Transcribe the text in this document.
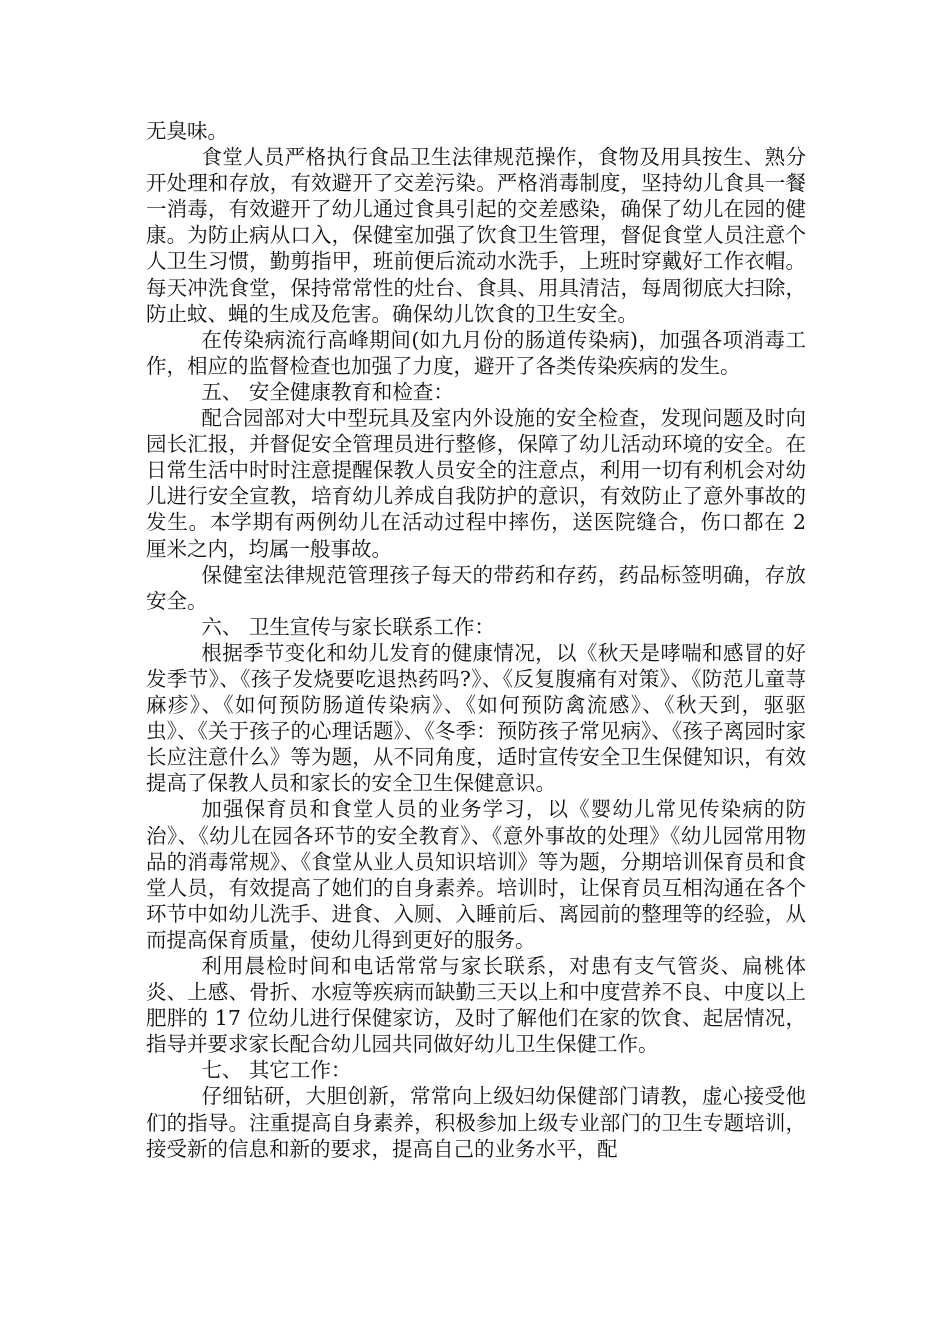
无臭味。

食堂人员严格执行食品卫生法律规范操作，食物及用具按生、熟分开处理和存放，有效避开了交差污染。严格消毒制度，坚持幼儿食具一餐一消毒，有效避开了幼儿通过食具引起的交差感染，确保了幼儿在园的健康。为防止病从口入，保健室加强了饮食卫生管理，督促食堂人员注意个人卫生习惯，勤剪指甲，班前便后流动水洗手，上班时穿戴好工作衣帽。每天冲洗食堂，保持常常性的灶台、食具、用具清洁，每周彻底大扫除，防止蚊、蝇的生成及危害。确保幼儿饮食的卫生安全。

在传染病流行高峰期间(如九月份的肠道传染病)，加强各项消毒工作，相应的监督检查也加强了力度，避开了各类传染疾病的发生。

五、 安全健康教育和检查：

配合园部对大中型玩具及室内外设施的安全检查，发现问题及时向园长汇报，并督促安全管理员进行整修，保障了幼儿活动环境的安全。在日常生活中时时注意提醒保教人员安全的注意点，利用一切有利机会对幼儿进行安全宣教，培育幼儿养成自我防护的意识，有效防止了意外事故的发生。本学期有两例幼儿在活动过程中摔伤，送医院缝合，伤口都在 2 厘米之内，均属一般事故。

保健室法律规范管理孩子每天的带药和存药，药品标签明确，存放安全。

六、 卫生宣传与家长联系工作：

根据季节变化和幼儿发育的健康情况，以《秋天是哮喘和感冒的好发季节》、《孩子发烧要吃退热药吗?》、《反复腹痛有对策》、《防范儿童荨麻疹》、《如何预防肠道传染病》、《如何预防禽流感》、《秋天到，驱驱虫》、《关于孩子的心理话题》、《冬季：预防孩子常见病》、《孩子离园时家长应注意什么》等为题，从不同角度，适时宣传安全卫生保健知识，有效提高了保教人员和家长的安全卫生保健意识。

加强保育员和食堂人员的业务学习，以《婴幼儿常见传染病的防治》、《幼儿在园各环节的安全教育》、《意外事故的处理》《幼儿园常用物品的消毒常规》、《食堂从业人员知识培训》等为题，分期培训保育员和食堂人员，有效提高了她们的自身素养。培训时，让保育员互相沟通在各个环节中如幼儿洗手、进食、入厕、入睡前后、离园前的整理等的经验，从而提高保育质量，使幼儿得到更好的服务。

利用晨检时间和电话常常与家长联系，对患有支气管炎、扁桃体炎、上感、骨折、水痘等疾病而缺勤三天以上和中度营养不良、中度以上肥胖的 17 位幼儿进行保健家访，及时了解他们在家的饮食、起居情况，指导并要求家长配合幼儿园共同做好幼儿卫生保健工作。

七、 其它工作：

仔细钻研，大胆创新，常常向上级妇幼保健部门请教，虚心接受他们的指导。注重提高自身素养，积极参加上级专业部门的卫生专题培训，接受新的信息和新的要求，提高自己的业务水平，配
